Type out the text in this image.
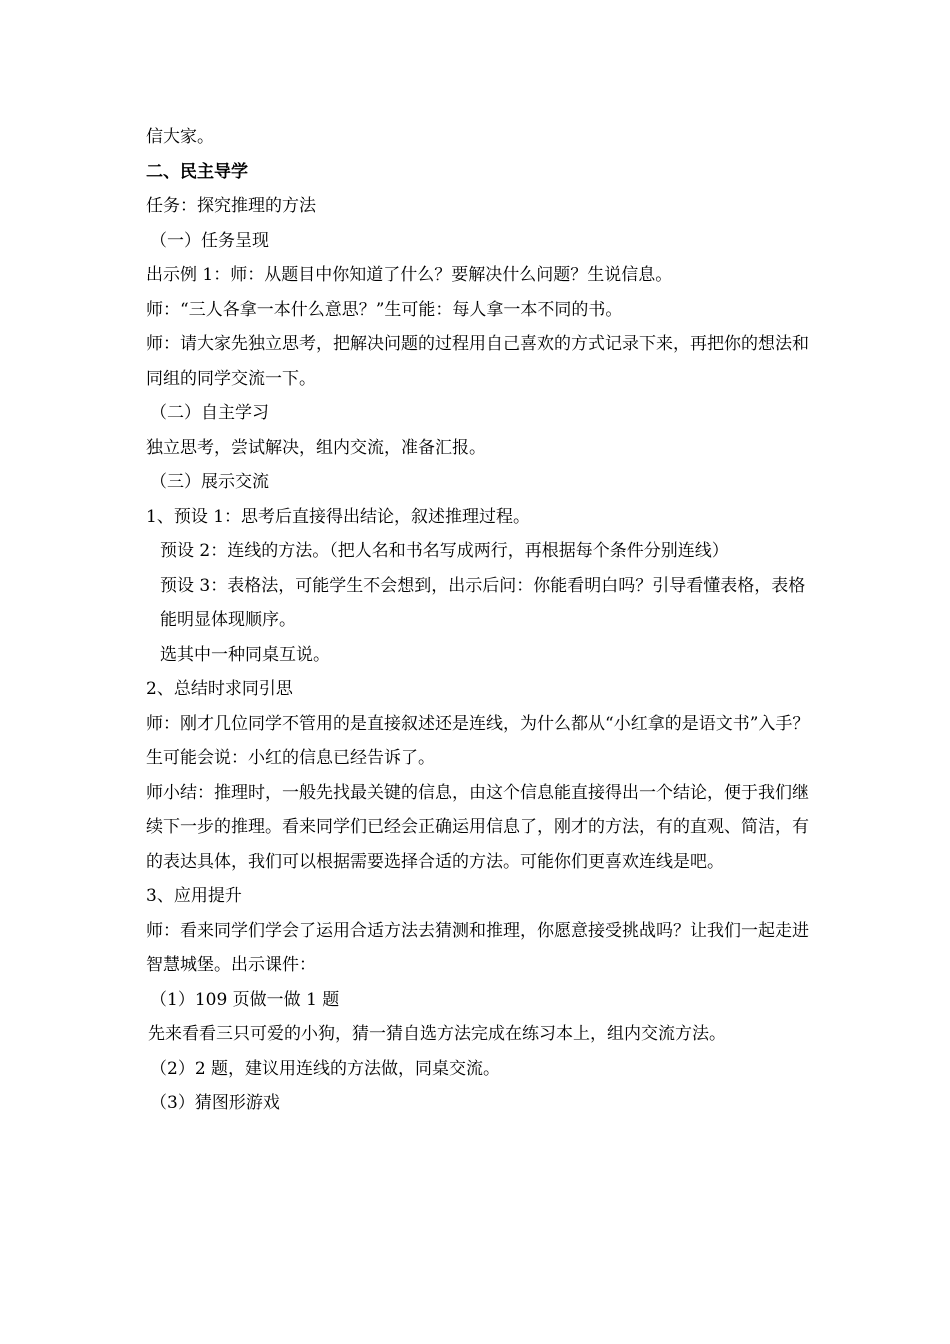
信大家。

二、民主导学

任务：探究推理的方法

（一）任务呈现

出示例 1：师：从题目中你知道了什么？要解决什么问题？生说信息。

师：“三人各拿一本什么意思？”生可能：每人拿一本不同的书。

师：请大家先独立思考，把解决问题的过程用自己喜欢的方式记录下来，再把你的想法和同组的同学交流一下。

（二）自主学习

独立思考，尝试解决，组内交流，准备汇报。

（三）展示交流

1、预设 1：思考后直接得出结论，叙述推理过程。

预设 2：连线的方法。（把人名和书名写成两行，再根据每个条件分别连线）

预设 3：表格法，可能学生不会想到，出示后问：你能看明白吗？引导看懂表格，表格能明显体现顺序。

选其中一种同桌互说。

2、总结时求同引思

师：刚才几位同学不管用的是直接叙述还是连线，为什么都从“小红拿的是语文书”入手？

生可能会说：小红的信息已经告诉了。

师小结：推理时，一般先找最关键的信息，由这个信息能直接得出一个结论，便于我们继续下一步的推理。看来同学们已经会正确运用信息了，刚才的方法，有的直观、简洁，有的表达具体，我们可以根据需要选择合适的方法。可能你们更喜欢连线是吧。

3、应用提升

师：看来同学们学会了运用合适方法去猜测和推理，你愿意接受挑战吗？让我们一起走进智慧城堡。出示课件：

（1）109 页做一做 1 题

先来看看三只可爱的小狗，猜一猜自选方法完成在练习本上，组内交流方法。

（2）2 题，建议用连线的方法做，同桌交流。

（3）猜图形游戏
